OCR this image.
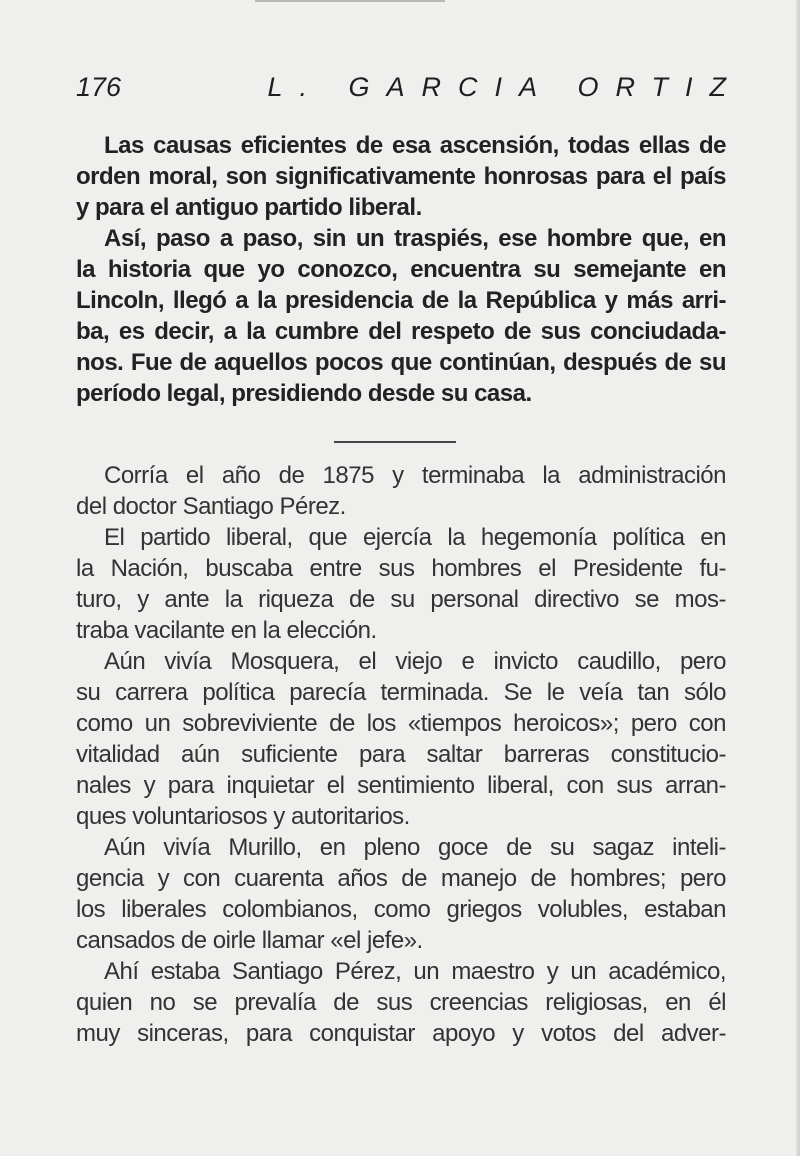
176	L. GARCIA ORTIZ
Las causas eficientes de esa ascensión, todas ellas de
orden moral, son significativamente honrosas para el país
y para el antiguo partido liberal.
Así, paso a paso, sin un traspiés, ese hombre que, en
la historia que yo conozco, encuentra su semejante en
Lincoln, llegó a la presidencia de la República y más arri-
ba, es decir, a la cumbre del respeto de sus conciudada-
nos. Fue de aquellos pocos que continúan, después de su
período legal, presidiendo desde su casa.
Corría el año de 1875 y terminaba la administración
del doctor Santiago Pérez.
El partido liberal, que ejercía la hegemonía política en
la Nación, buscaba entre sus hombres el Presidente fu-
turo, y ante la riqueza de su personal directivo se mos-
traba vacilante en la elección.
Aún vivía Mosquera, el viejo e invicto caudillo, pero
su carrera política parecía terminada. Se le veía tan sólo
como un sobreviviente de los «tiempos heroicos»; pero con
vitalidad aún suficiente para saltar barreras constitucio-
nales y para inquietar el sentimiento liberal, con sus arran-
ques voluntariosos y autoritarios.
Aún vivía Murillo, en pleno goce de su sagaz inteli-
gencia y con cuarenta años de manejo de hombres; pero
los liberales colombianos, como griegos volubles, estaban
cansados de oirle llamar «el jefe».
Ahí estaba Santiago Pérez, un maestro y un académico,
quien no se prevalía de sus creencias religiosas, en él
muy sinceras, para conquistar apoyo y votos del adver-
